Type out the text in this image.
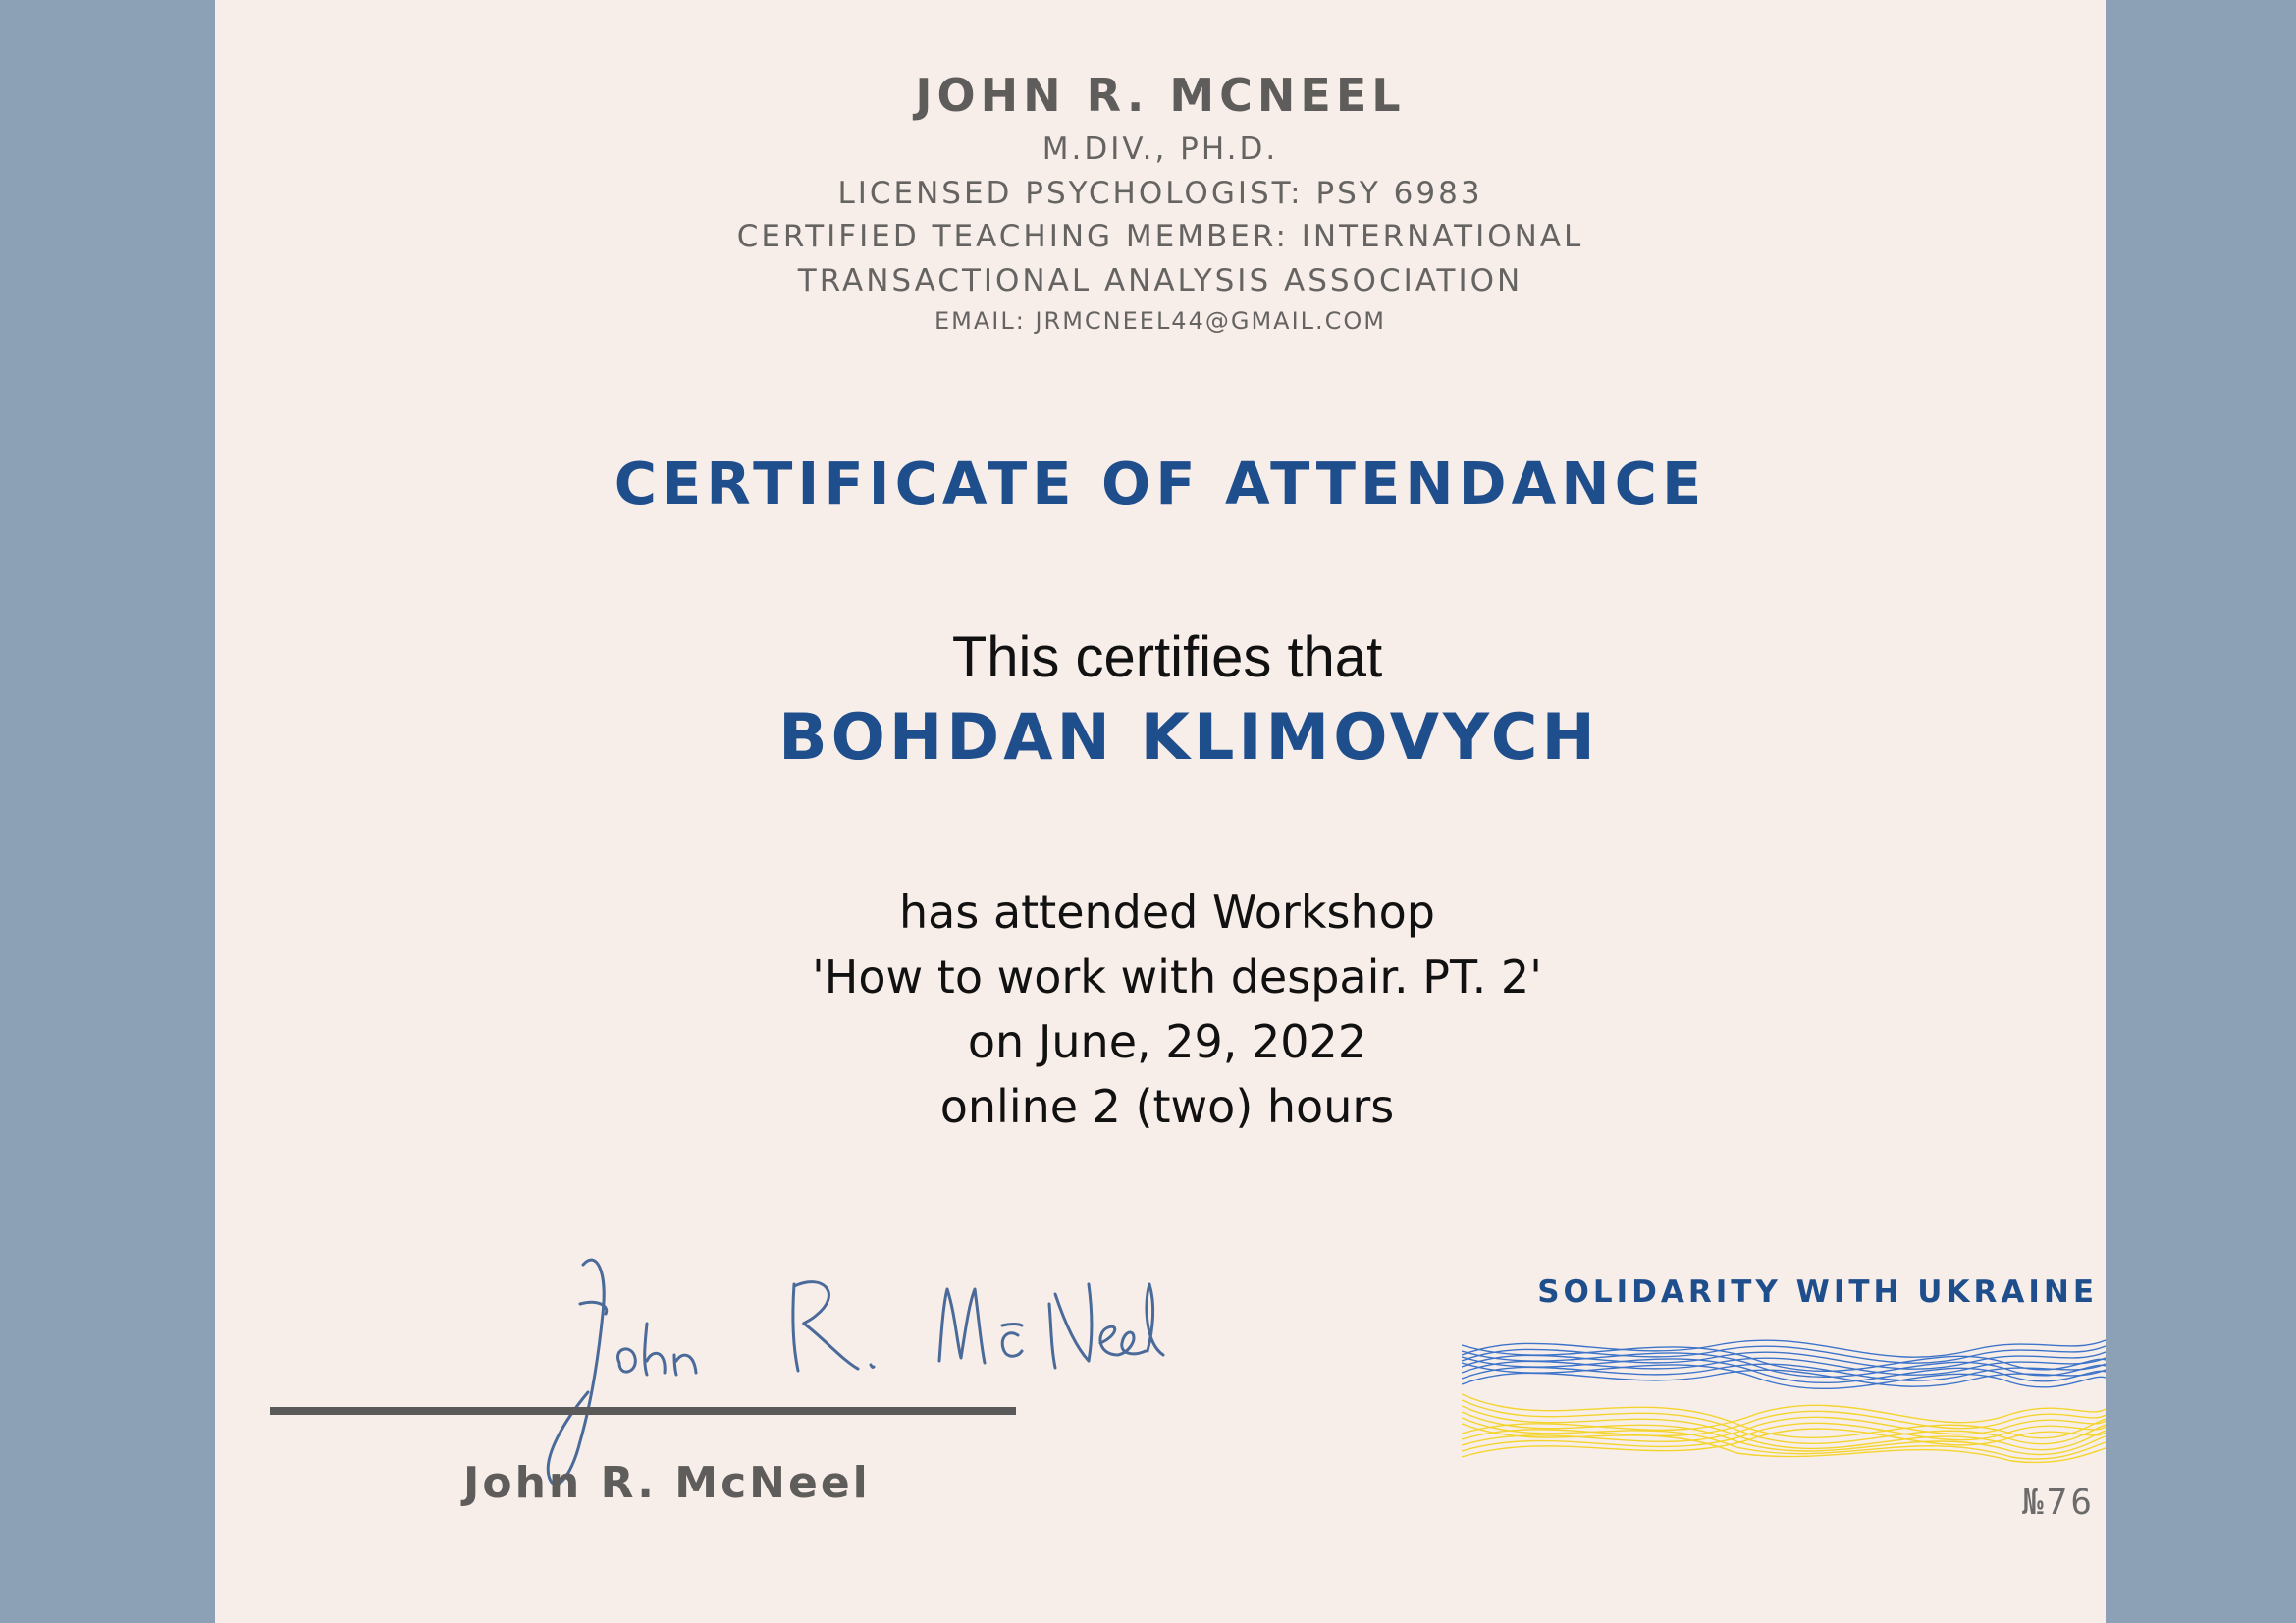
JOHN R. MCNEEL
M.DIV., PH.D.
LICENSED PSYCHOLOGIST: PSY 6983
CERTIFIED TEACHING MEMBER: INTERNATIONAL
TRANSACTIONAL ANALYSIS ASSOCIATION
EMAIL: JRMCNEEL44@GMAIL.COM
CERTIFICATE OF ATTENDANCE
This certifies that
BOHDAN KLIMOVYCH
has attended Workshop
'How to work with despair. PT. 2'
on June, 29, 2022
online 2 (two) hours
John R. McNeel
SOLIDARITY WITH UKRAINE
№76
